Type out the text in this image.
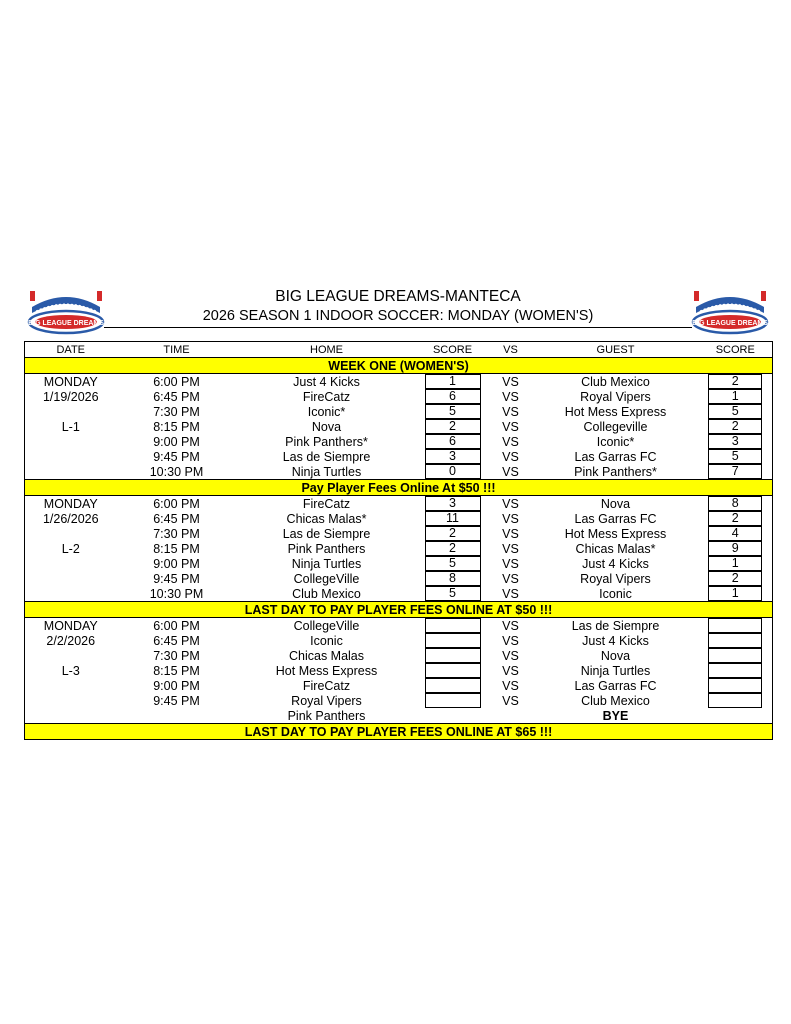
BIG LEAGUE DREAMS
BIG LEAGUE DREAMS-MANTECA
2026 SEASON 1 INDOOR SOCCER: MONDAY (WOMEN'S)	BIG LEAGUE DREAMS
DATE	TIME	HOME	SCORE	VS	GUEST	SCORE
WEEK ONE (WOMEN'S)						
MONDAY	6:00 PM	Just 4 Kicks	1	VS	Club Mexico	2

1/19/2026	6:45 PM	FireCatz	6	VS	Royal Vipers	1

	7:30 PM	Iconic*	5	VS	Hot Mess Express	5

L-1	8:15 PM	Nova	2	VS	Collegeville	2

	9:00 PM	Pink Panthers*	6	VS	Iconic*	3

	9:45 PM	Las de Siempre	3	VS	Las Garras FC	5

	10:30 PM	Ninja Turtles	0	VS	Pink Panthers*	7

Pay Player Fees Online At $50 !!!						
MONDAY	6:00 PM	FireCatz	3	VS	Nova	8

1/26/2026	6:45 PM	Chicas Malas*	11	VS	Las Garras FC	2

	7:30 PM	Las de Siempre	2	VS	Hot Mess Express	4

L-2	8:15 PM	Pink Panthers	2	VS	Chicas Malas*	9

	9:00 PM	Ninja Turtles	5	VS	Just 4 Kicks	1

	9:45 PM	CollegeVille	8	VS	Royal Vipers	2

	10:30 PM	Club Mexico	5	VS	Iconic	1

LAST DAY TO PAY PLAYER FEES ONLINE AT $50 !!!						
MONDAY	6:00 PM	CollegeVille		VS	Las de Siempre	

2/2/2026	6:45 PM	Iconic		VS	Just 4 Kicks	

	7:30 PM	Chicas Malas		VS	Nova	

L-3	8:15 PM	Hot Mess Express		VS	Ninja Turtles	

	9:00 PM	FireCatz		VS	Las Garras FC	

	9:45 PM	Royal Vipers		VS	Club Mexico	

		Pink Panthers			BYE	
LAST DAY TO PAY PLAYER FEES ONLINE AT $65 !!!						
